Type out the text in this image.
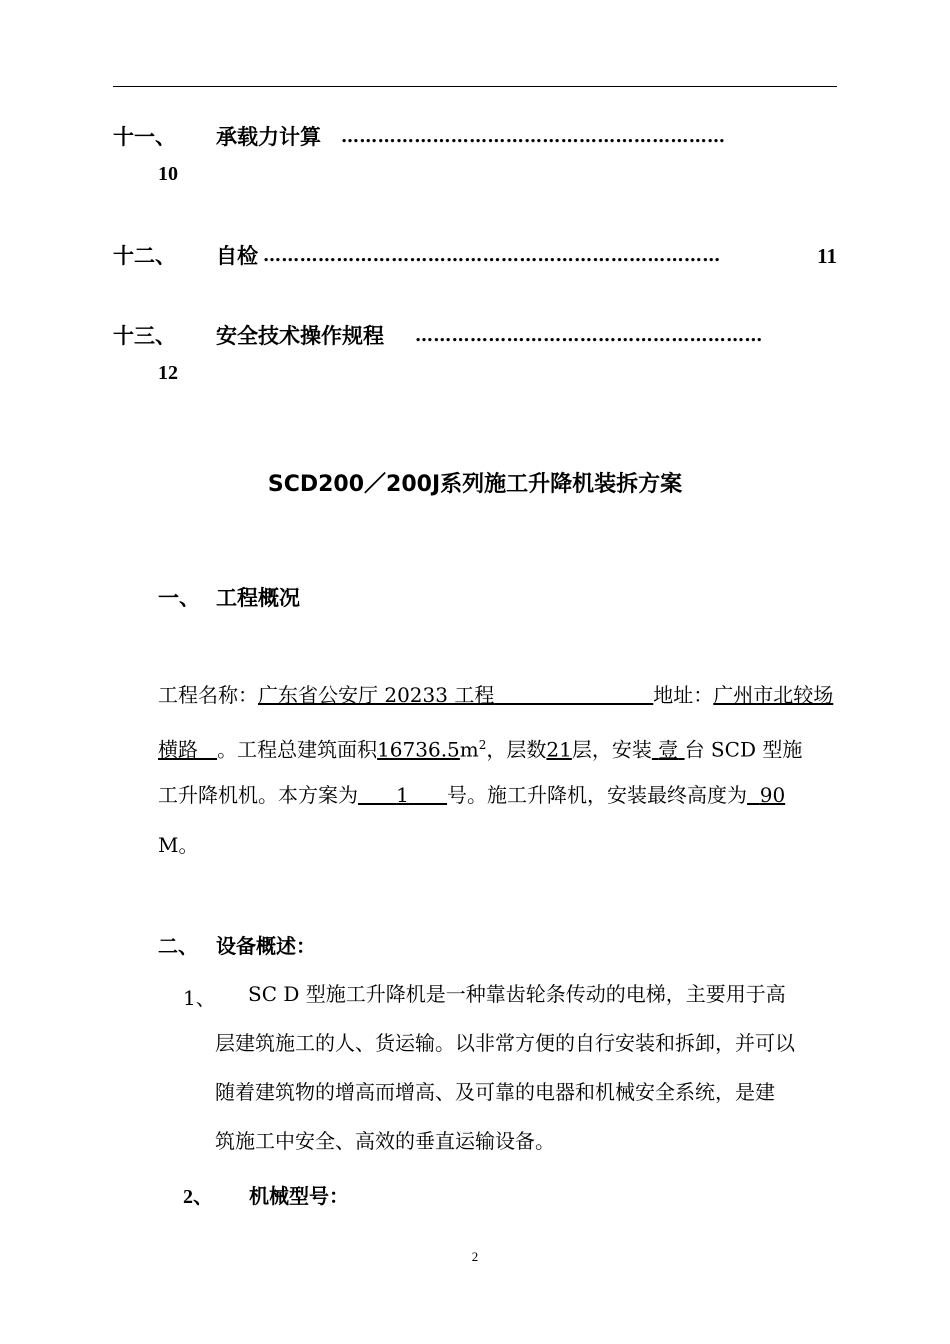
十一、 承载力计算 ………………………………………………………
10
十二、 自检 …………………………………………………………………	11
十三、 安全技术操作规程 …………………………………………………
12
SCD200／200J系列施工升降机装拆方案
一、 工程概况
工程名称：广东省公安厅 20233 工程	地址：广州市北较场
横路 。工程总建筑面积$16736.5m^2$，层数21层，安装 壹 台 SCD 型施
工升降机机。本方案为 1 号。施工升降机，安装最终高度为 90
M。
二、 设备概述：
1、	SC D 型施工升降机是一种靠齿轮条传动的电梯，主要用于高
层建筑施工的人、货运输。以非常方便的自行安装和拆卸，并可以
随着建筑物的增高而增高、及可靠的电器和机械安全系统，是建
筑施工中安全、高效的垂直运输设备。
2、 机械型号：
2
